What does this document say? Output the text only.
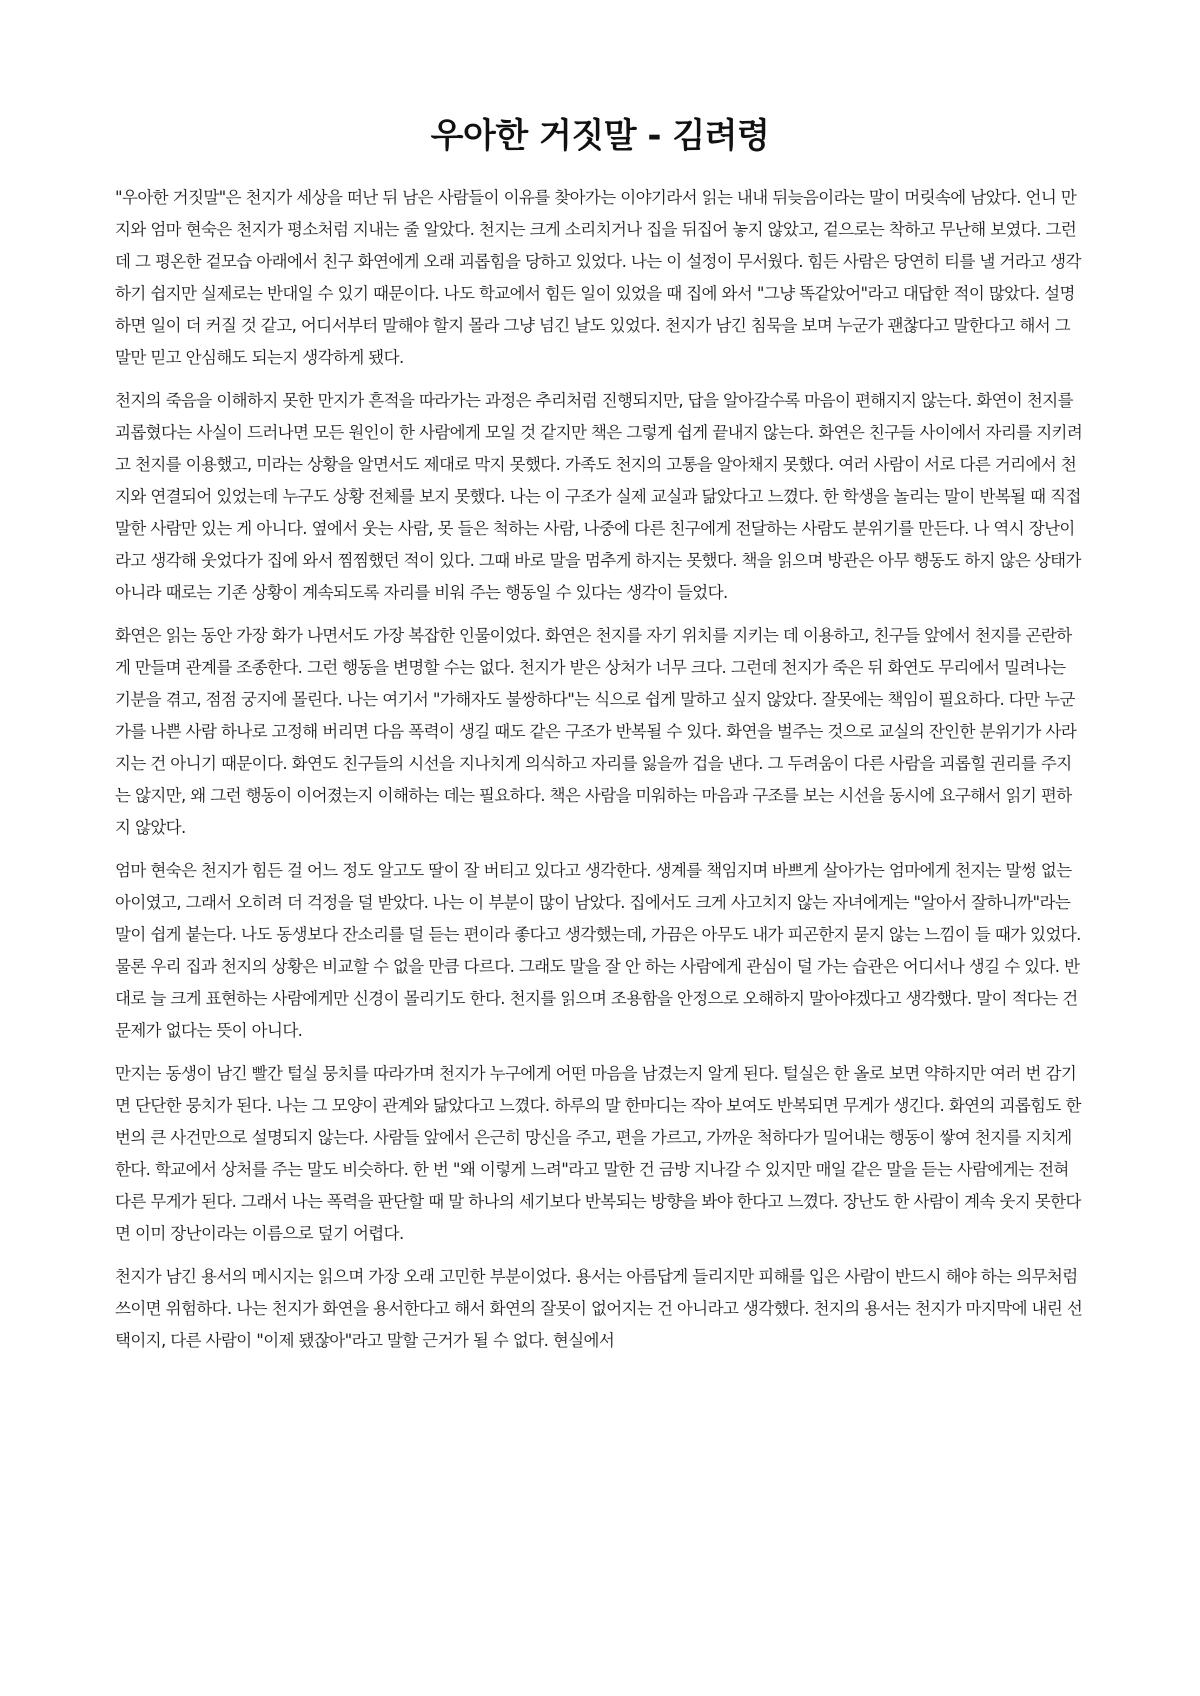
우아한 거짓말 - 김려령

"우아한 거짓말"은 천지가 세상을 떠난 뒤 남은 사람들이 이유를 찾아가는 이야기라서 읽는 내내 뒤늦음이라는 말이 머릿속에 남았다. 언니 만지와 엄마 현숙은 천지가 평소처럼 지내는 줄 알았다. 천지는 크게 소리치거나 집을 뒤집어 놓지 않았고, 겉으로는 착하고 무난해 보였다. 그런데 그 평온한 겉모습 아래에서 친구 화연에게 오래 괴롭힘을 당하고 있었다. 나는 이 설정이 무서웠다. 힘든 사람은 당연히 티를 낼 거라고 생각하기 쉽지만 실제로는 반대일 수 있기 때문이다. 나도 학교에서 힘든 일이 있었을 때 집에 와서 "그냥 똑같았어"라고 대답한 적이 많았다. 설명하면 일이 더 커질 것 같고, 어디서부터 말해야 할지 몰라 그냥 넘긴 날도 있었다. 천지가 남긴 침묵을 보며 누군가 괜찮다고 말한다고 해서 그 말만 믿고 안심해도 되는지 생각하게 됐다.

천지의 죽음을 이해하지 못한 만지가 흔적을 따라가는 과정은 추리처럼 진행되지만, 답을 알아갈수록 마음이 편해지지 않는다. 화연이 천지를 괴롭혔다는 사실이 드러나면 모든 원인이 한 사람에게 모일 것 같지만 책은 그렇게 쉽게 끝내지 않는다. 화연은 친구들 사이에서 자리를 지키려고 천지를 이용했고, 미라는 상황을 알면서도 제대로 막지 못했다. 가족도 천지의 고통을 알아채지 못했다. 여러 사람이 서로 다른 거리에서 천지와 연결되어 있었는데 누구도 상황 전체를 보지 못했다. 나는 이 구조가 실제 교실과 닮았다고 느꼈다. 한 학생을 놀리는 말이 반복될 때 직접 말한 사람만 있는 게 아니다. 옆에서 웃는 사람, 못 들은 척하는 사람, 나중에 다른 친구에게 전달하는 사람도 분위기를 만든다. 나 역시 장난이라고 생각해 웃었다가 집에 와서 찜찜했던 적이 있다. 그때 바로 말을 멈추게 하지는 못했다. 책을 읽으며 방관은 아무 행동도 하지 않은 상태가 아니라 때로는 기존 상황이 계속되도록 자리를 비워 주는 행동일 수 있다는 생각이 들었다.

화연은 읽는 동안 가장 화가 나면서도 가장 복잡한 인물이었다. 화연은 천지를 자기 위치를 지키는 데 이용하고, 친구들 앞에서 천지를 곤란하게 만들며 관계를 조종한다. 그런 행동을 변명할 수는 없다. 천지가 받은 상처가 너무 크다. 그런데 천지가 죽은 뒤 화연도 무리에서 밀려나는 기분을 겪고, 점점 궁지에 몰린다. 나는 여기서 "가해자도 불쌍하다"는 식으로 쉽게 말하고 싶지 않았다. 잘못에는 책임이 필요하다. 다만 누군가를 나쁜 사람 하나로 고정해 버리면 다음 폭력이 생길 때도 같은 구조가 반복될 수 있다. 화연을 벌주는 것으로 교실의 잔인한 분위기가 사라지는 건 아니기 때문이다. 화연도 친구들의 시선을 지나치게 의식하고 자리를 잃을까 겁을 낸다. 그 두려움이 다른 사람을 괴롭힐 권리를 주지는 않지만, 왜 그런 행동이 이어졌는지 이해하는 데는 필요하다. 책은 사람을 미워하는 마음과 구조를 보는 시선을 동시에 요구해서 읽기 편하지 않았다.

엄마 현숙은 천지가 힘든 걸 어느 정도 알고도 딸이 잘 버티고 있다고 생각한다. 생계를 책임지며 바쁘게 살아가는 엄마에게 천지는 말썽 없는 아이였고, 그래서 오히려 더 걱정을 덜 받았다. 나는 이 부분이 많이 남았다. 집에서도 크게 사고치지 않는 자녀에게는 "알아서 잘하니까"라는 말이 쉽게 붙는다. 나도 동생보다 잔소리를 덜 듣는 편이라 좋다고 생각했는데, 가끔은 아무도 내가 피곤한지 묻지 않는 느낌이 들 때가 있었다. 물론 우리 집과 천지의 상황은 비교할 수 없을 만큼 다르다. 그래도 말을 잘 안 하는 사람에게 관심이 덜 가는 습관은 어디서나 생길 수 있다. 반대로 늘 크게 표현하는 사람에게만 신경이 몰리기도 한다. 천지를 읽으며 조용함을 안정으로 오해하지 말아야겠다고 생각했다. 말이 적다는 건 문제가 없다는 뜻이 아니다.

만지는 동생이 남긴 빨간 털실 뭉치를 따라가며 천지가 누구에게 어떤 마음을 남겼는지 알게 된다. 털실은 한 올로 보면 약하지만 여러 번 감기면 단단한 뭉치가 된다. 나는 그 모양이 관계와 닮았다고 느꼈다. 하루의 말 한마디는 작아 보여도 반복되면 무게가 생긴다. 화연의 괴롭힘도 한 번의 큰 사건만으로 설명되지 않는다. 사람들 앞에서 은근히 망신을 주고, 편을 가르고, 가까운 척하다가 밀어내는 행동이 쌓여 천지를 지치게 한다. 학교에서 상처를 주는 말도 비슷하다. 한 번 "왜 이렇게 느려"라고 말한 건 금방 지나갈 수 있지만 매일 같은 말을 듣는 사람에게는 전혀 다른 무게가 된다. 그래서 나는 폭력을 판단할 때 말 하나의 세기보다 반복되는 방향을 봐야 한다고 느꼈다. 장난도 한 사람이 계속 웃지 못한다면 이미 장난이라는 이름으로 덮기 어렵다.

천지가 남긴 용서의 메시지는 읽으며 가장 오래 고민한 부분이었다. 용서는 아름답게 들리지만 피해를 입은 사람이 반드시 해야 하는 의무처럼 쓰이면 위험하다. 나는 천지가 화연을 용서한다고 해서 화연의 잘못이 없어지는 건 아니라고 생각했다. 천지의 용서는 천지가 마지막에 내린 선택이지, 다른 사람이 "이제 됐잖아"라고 말할 근거가 될 수 없다. 현실에서
